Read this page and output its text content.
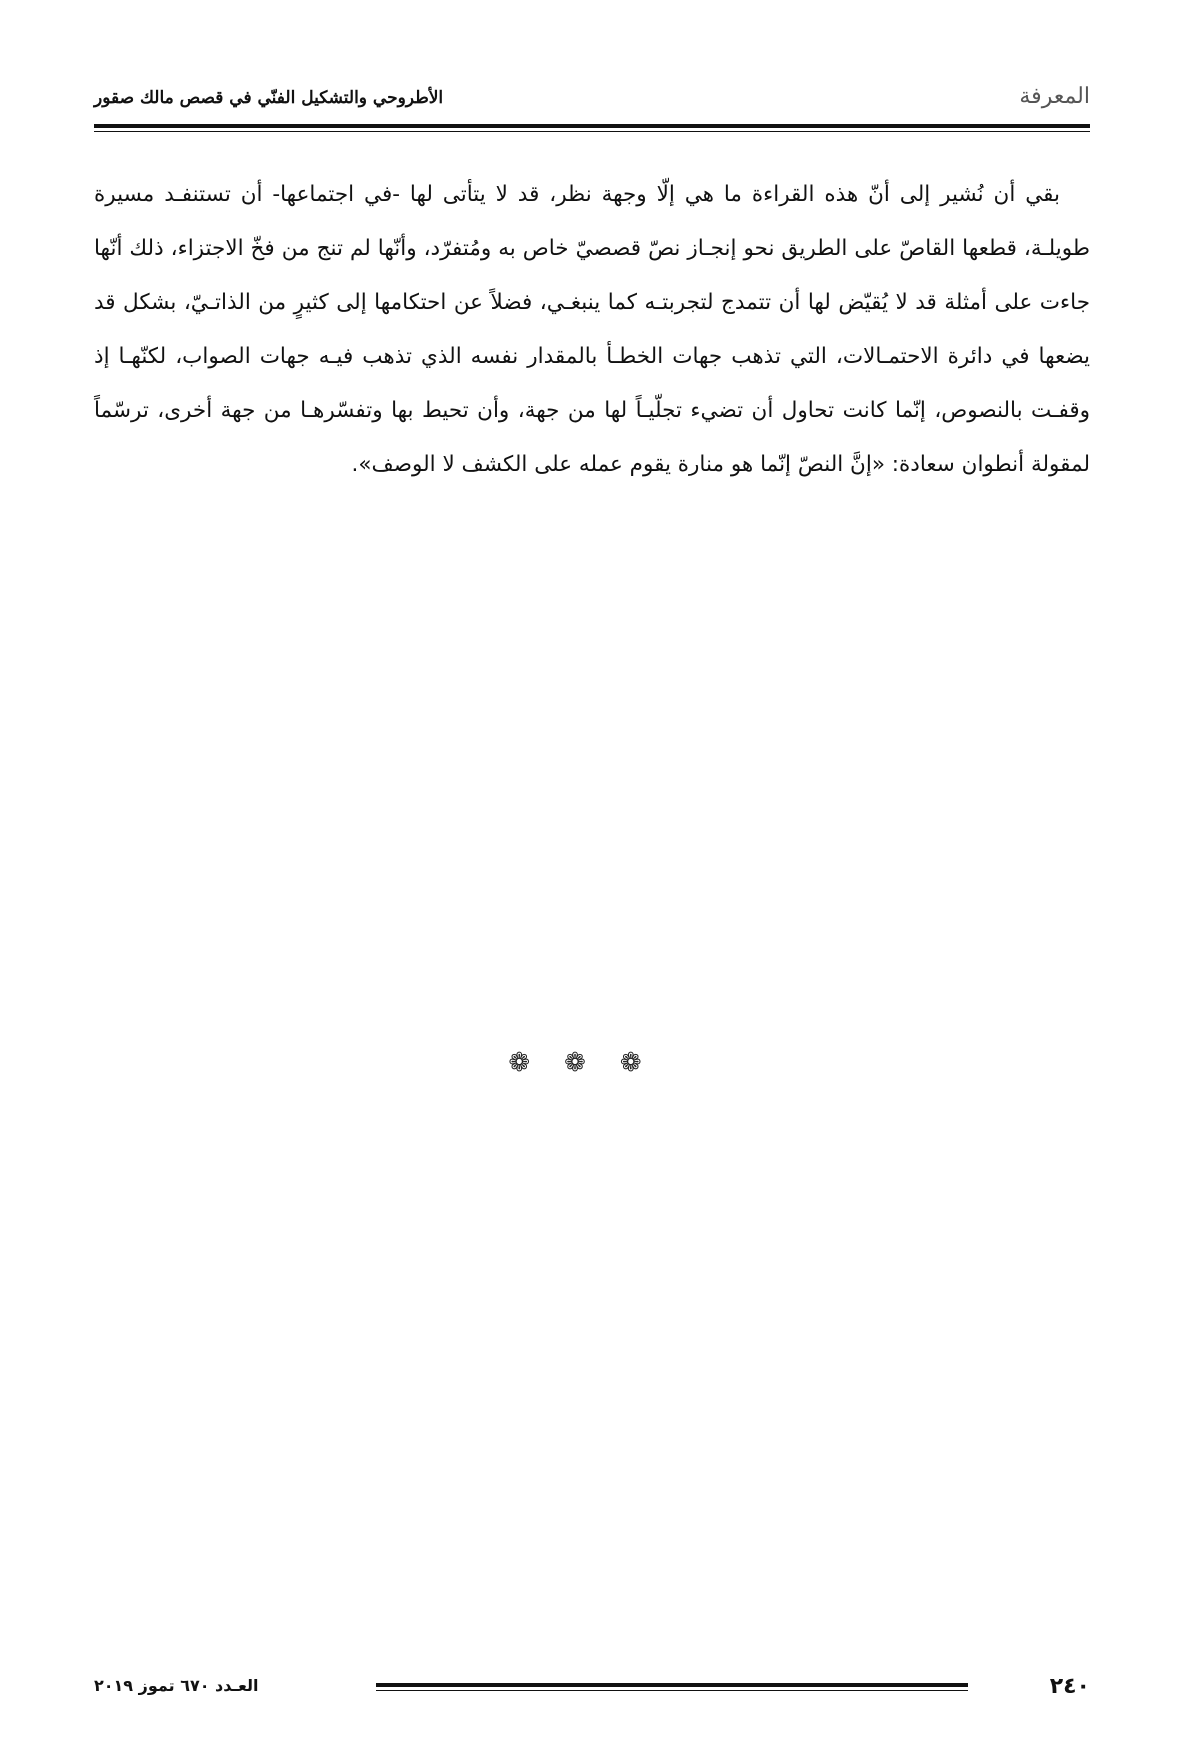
المعرفة
الأطروحي والتشكيل الفنّي في قصص مالك صقور

بقي أن نُشير إلى أنّ هذه القراءة ما هي إلّا وجهة نظر، قد لا يتأتى لها -في اجتماعها- أن تستنفـد مسيرة طويلـة، قطعها القاصّ على الطريق نحو إنجـاز نصّ قصصيّ خاص به ومُتفرّد، وأنّها لم تنج من فخّ الاجتزاء، ذلك أنّها جاءت على أمثلة قد لا يُقيّض لها أن تتمدج لتجربتـه كما ينبغـي، فضلاً عن احتكامها إلى كثيرٍ من الذاتـيّ، بشكل قد يضعها في دائرة الاحتمـالات، التي تذهب جهات الخطـأ بالمقدار نفسه الذي تذهب فيـه جهات الصواب، لكنّهـا إذ وقفـت بالنصوص، إنّما كانت تحاول أن تضيء تجلّيـاً لها من جهة، وأن تحيط بها وتفسّرهـا من جهة أخرى، ترسّماً لمقولة أنطوان سعادة: «إنَّ النصّ إنّما هو منارة يقوم عمله على الكشف لا الوصف».

❁❁❁
٢٤٠
العـدد ٦٧٠ تموز ٢٠١٩
